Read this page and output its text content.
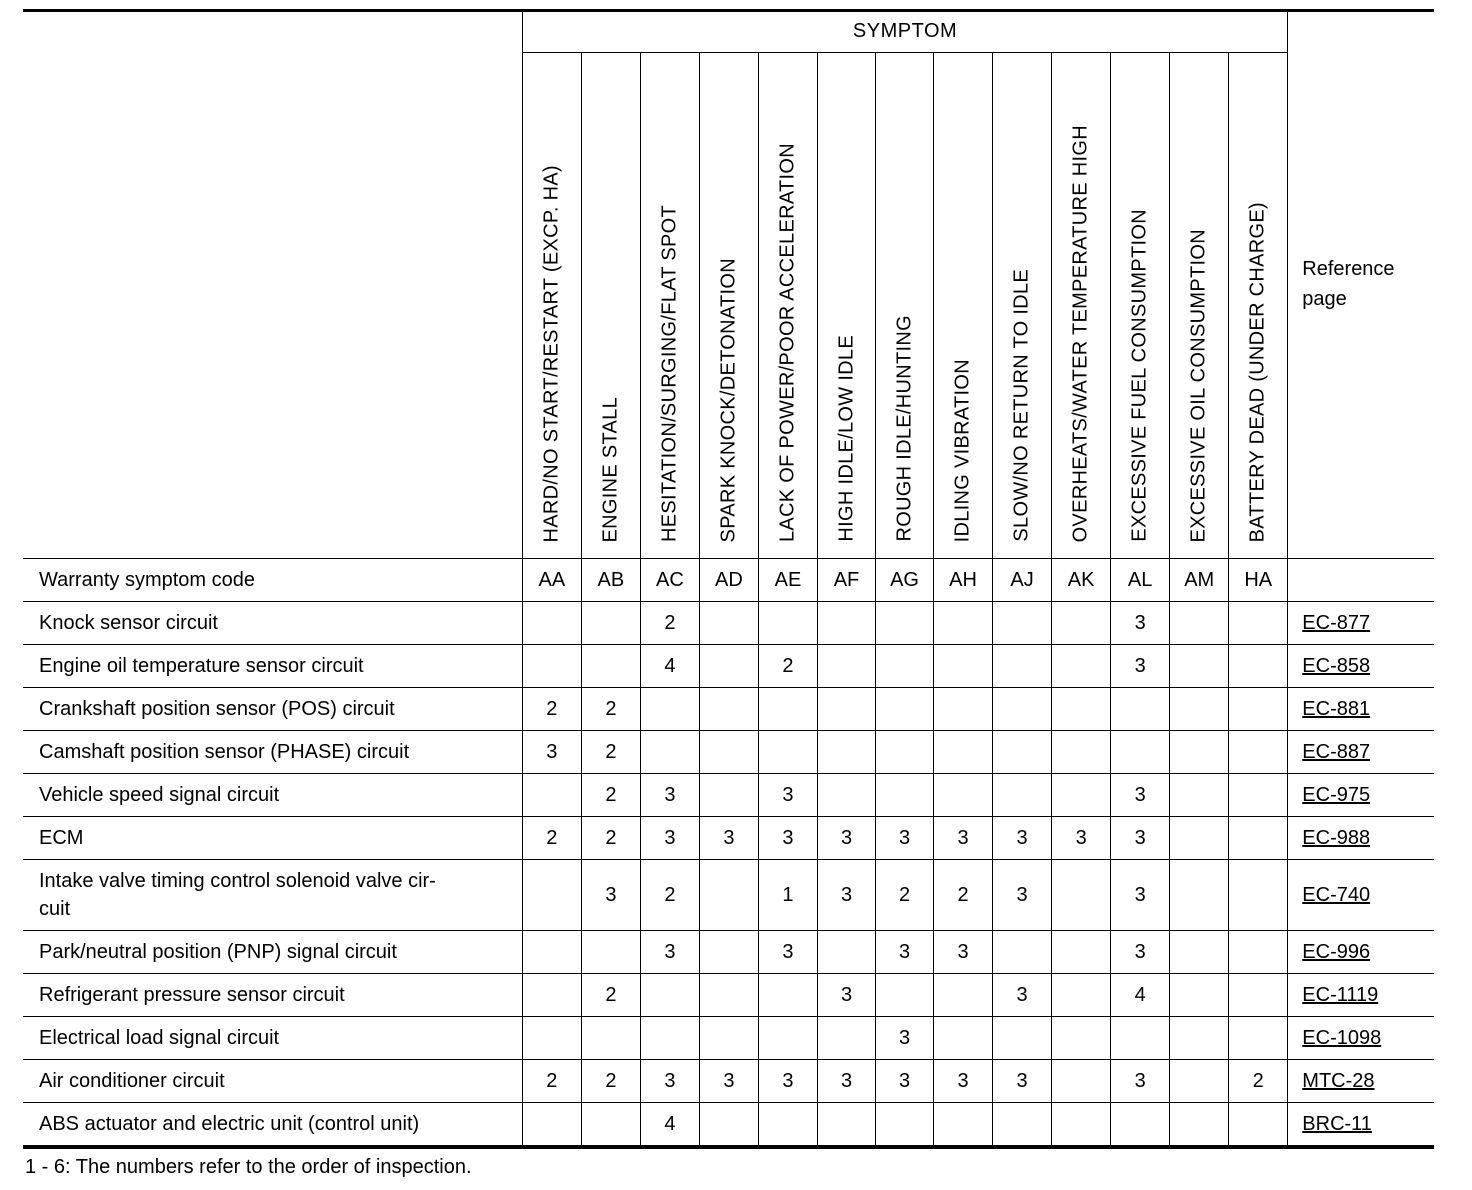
	SYMPTOM													Reference
page

	HARD/NO START/RESTART (EXCP. HA)	ENGINE STALL	HESITATION/SURGING/FLAT SPOT	SPARK KNOCK/DETONATION	LACK OF POWER/POOR ACCELERATION	HIGH IDLE/LOW IDLE	ROUGH IDLE/HUNTING	IDLING VIBRATION	SLOW/NO RETURN TO IDLE	OVERHEATS/WATER TEMPERATURE HIGH	EXCESSIVE FUEL CONSUMPTION	EXCESSIVE OIL CONSUMPTION	BATTERY DEAD (UNDER CHARGE)	

Warranty symptom code	AA	AB	AC	AD	AE	AF	AG	AH	AJ	AK	AL	AM	HA	
Knock sensor circuit			2								3			EC-877
Engine oil temperature sensor circuit			4		2						3			EC-858
Crankshaft position sensor (POS) circuit	2	2												EC-881
Camshaft position sensor (PHASE) circuit	3	2												EC-887
Vehicle speed signal circuit		2	3		3						3			EC-975
ECM	2	2	3	3	3	3	3	3	3	3	3			EC-988
Intake valve timing control solenoid valve cir-
cuit		3	2		1	3	2	2	3		3			EC-740
Park/neutral position (PNP) signal circuit			3		3		3	3			3			EC-996
Refrigerant pressure sensor circuit		2				3			3		4			EC-1119
Electrical load signal circuit							3							EC-1098
Air conditioner circuit	2	2	3	3	3	3	3	3	3		3		2	MTC-28
ABS actuator and electric unit (control unit)			4											BRC-11
1 - 6: The numbers refer to the order of inspection.
